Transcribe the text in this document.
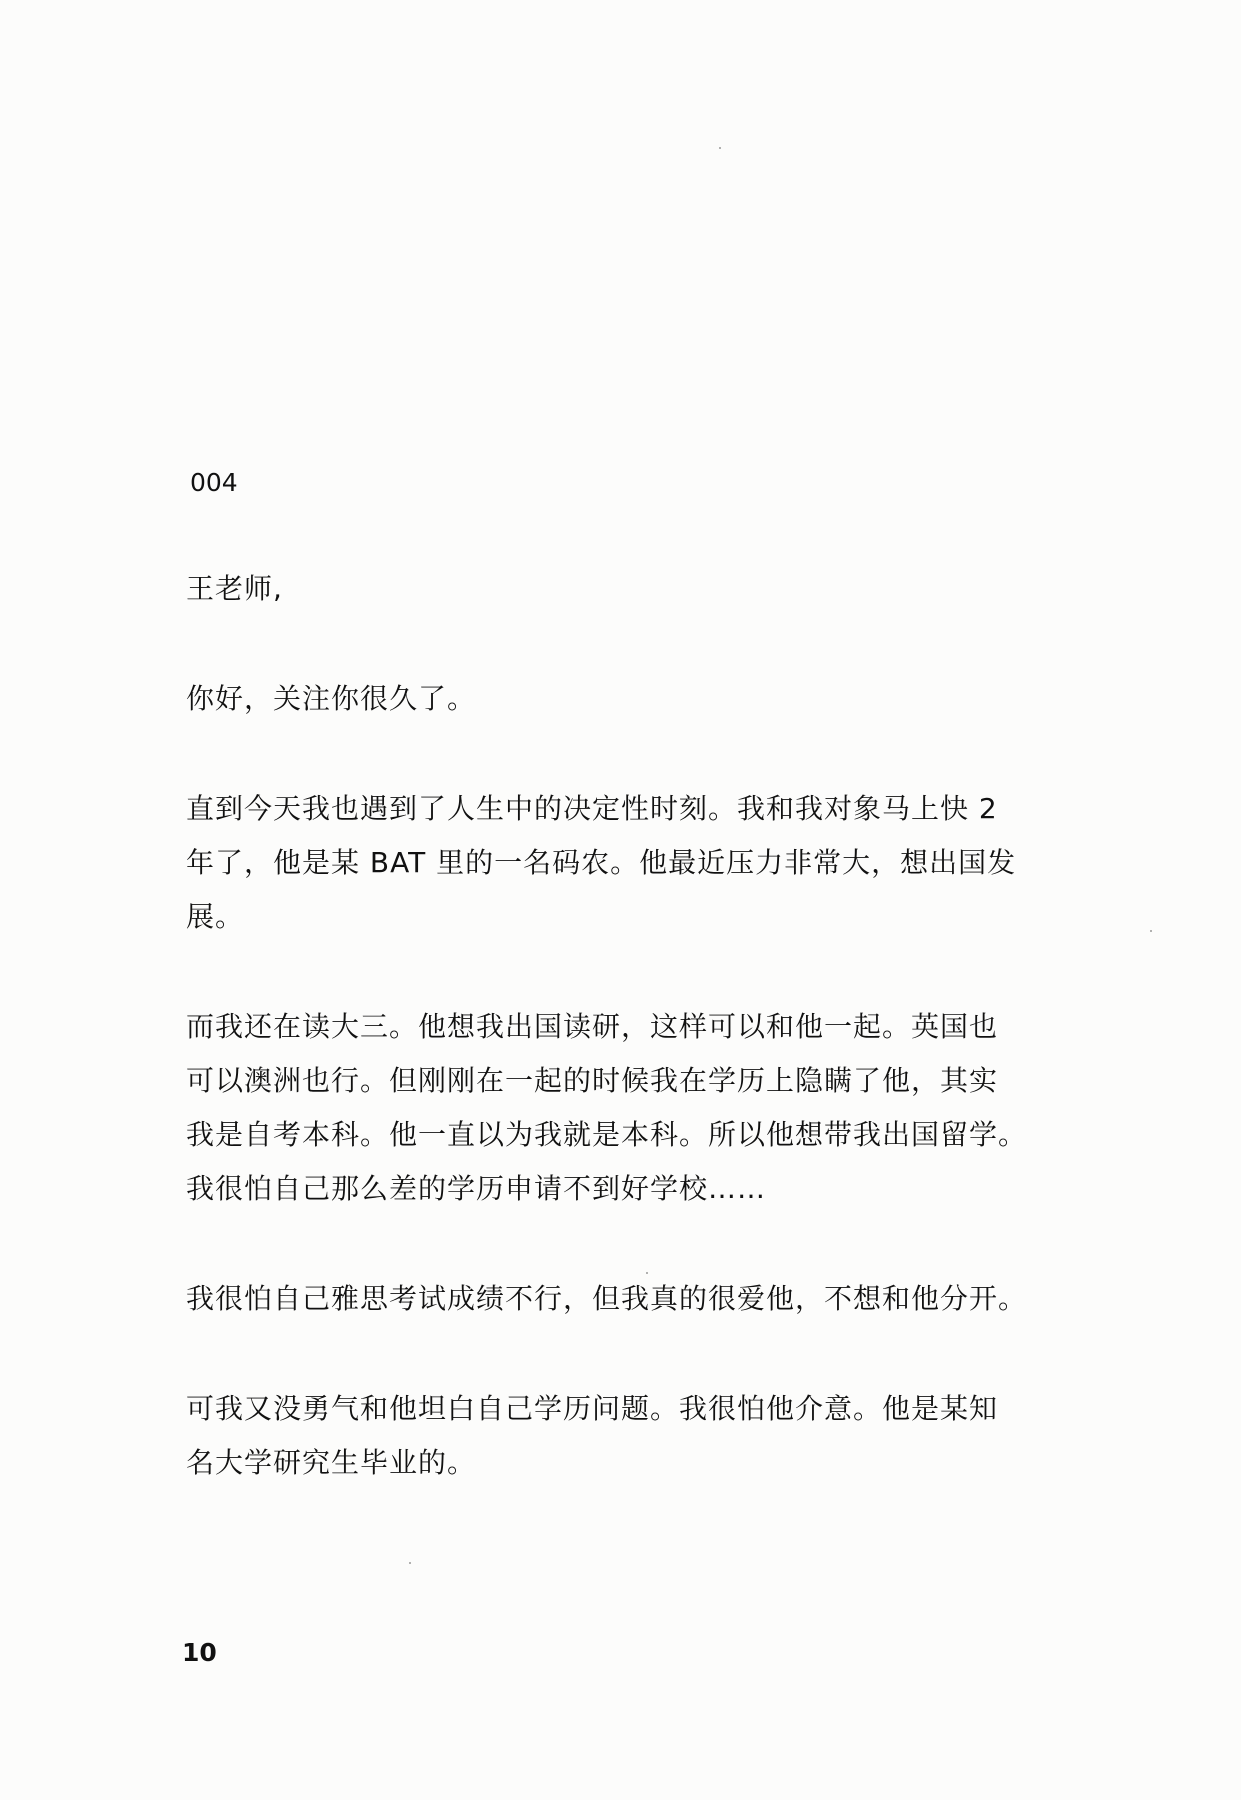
004

王老师,

你好，关注你很久了。

直到今天我也遇到了人生中的决定性时刻。我和我对象马上快 2
年了，他是某 BAT 里的一名码农。他最近压力非常大，想出国发
展。

而我还在读大三。他想我出国读研，这样可以和他一起。英国也
可以澳洲也行。但刚刚在一起的时候我在学历上隐瞒了他，其实
我是自考本科。他一直以为我就是本科。所以他想带我出国留学。
我很怕自己那么差的学历申请不到好学校……

我很怕自己雅思考试成绩不行，但我真的很爱他，不想和他分开。

可我又没勇气和他坦白自己学历问题。我很怕他介意。他是某知
名大学研究生毕业的。

10
